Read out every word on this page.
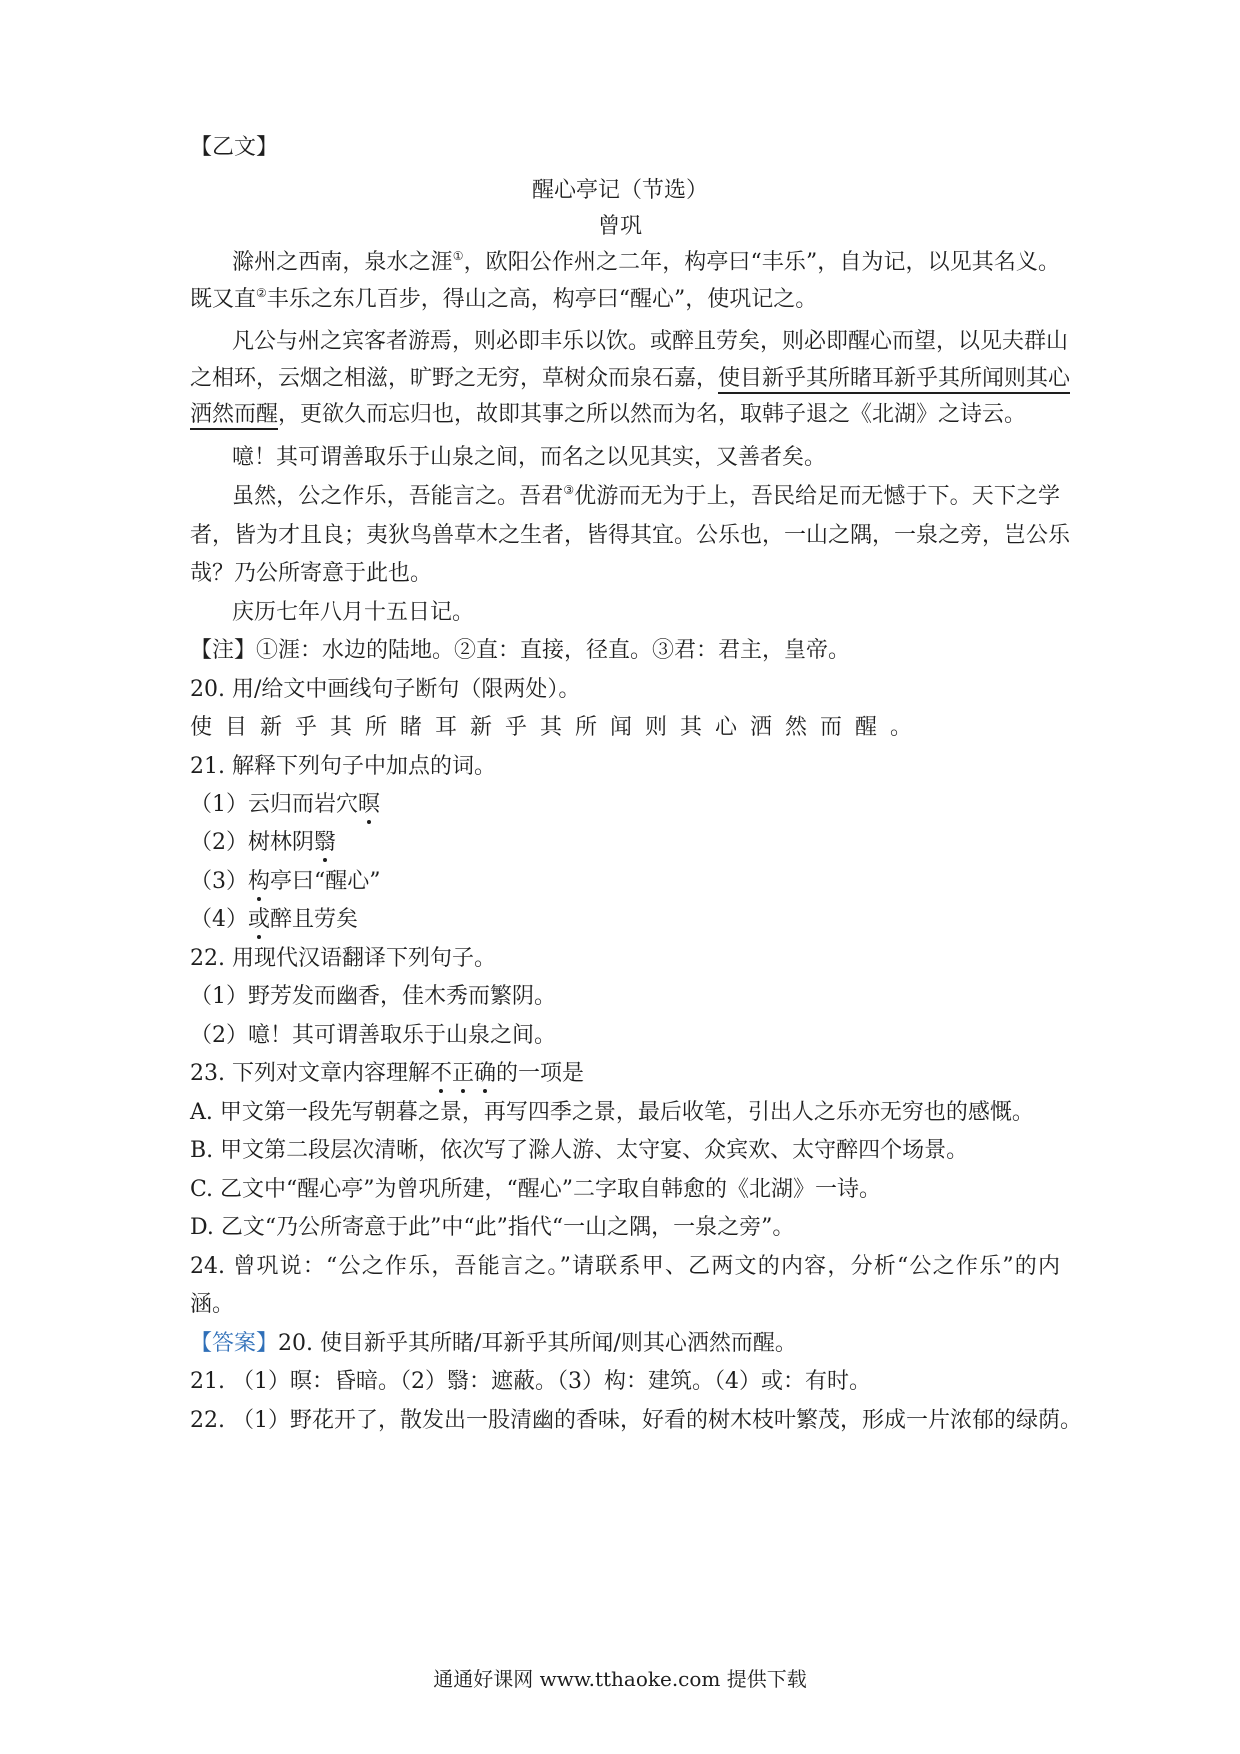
【乙文】
醒心亭记（节选）
曾巩
滁州之西南，泉水之涯①，欧阳公作州之二年，构亭曰“丰乐”，自为记，以见其名义。
既又直②丰乐之东几百步，得山之高，构亭曰“醒心”，使巩记之。
凡公与州之宾客者游焉，则必即丰乐以饮。或醉且劳矣，则必即醒心而望，以见夫群山
之相环，云烟之相滋，旷野之无穷，草树众而泉石嘉，使目新乎其所睹耳新乎其所闻则其心
洒然而醒，更欲久而忘归也，故即其事之所以然而为名，取韩子退之《北湖》之诗云。
噫！其可谓善取乐于山泉之间，而名之以见其实，又善者矣。
虽然，公之作乐，吾能言之。吾君③优游而无为于上，吾民给足而无憾于下。天下之学
者，皆为才且良；夷狄鸟兽草木之生者，皆得其宜。公乐也，一山之隅，一泉之旁，岂公乐
哉？乃公所寄意于此也。
庆历七年八月十五日记。
【注】①涯：水边的陆地。②直：直接，径直。③君：君主，皇帝。
20. 用/给文中画线句子断句（限两处）。
使目新乎其所睹耳新乎其所闻则其心洒然而醒。
21. 解释下列句子中加点的词。
（1）云归而岩穴暝
（2）树林阴翳
（3）构亭曰“醒心”
（4）或醉且劳矣
22. 用现代汉语翻译下列句子。
（1）野芳发而幽香，佳木秀而繁阴。
（2）噫！其可谓善取乐于山泉之间。
23. 下列对文章内容理解不正确的一项是
A. 甲文第一段先写朝暮之景，再写四季之景，最后收笔，引出人之乐亦无穷也的感慨。
B. 甲文第二段层次清晰，依次写了滁人游、太守宴、众宾欢、太守醉四个场景。
C. 乙文中“醒心亭”为曾巩所建，“醒心”二字取自韩愈的《北湖》一诗。
D. 乙文“乃公所寄意于此”中“此”指代“一山之隅，一泉之旁”。
24. 曾巩说：“公之作乐，吾能言之。”请联系甲、乙两文的内容，分析“公之作乐”的内
涵。
【答案】20. 使目新乎其所睹/耳新乎其所闻/则其心洒然而醒。
21. （1）暝：昏暗。（2）翳：遮蔽。（3）构：建筑。（4）或：有时。
22. （1）野花开了，散发出一股清幽的香味，好看的树木枝叶繁茂，形成一片浓郁的绿荫。
通通好课网 www.tthaoke.com 提供下载
